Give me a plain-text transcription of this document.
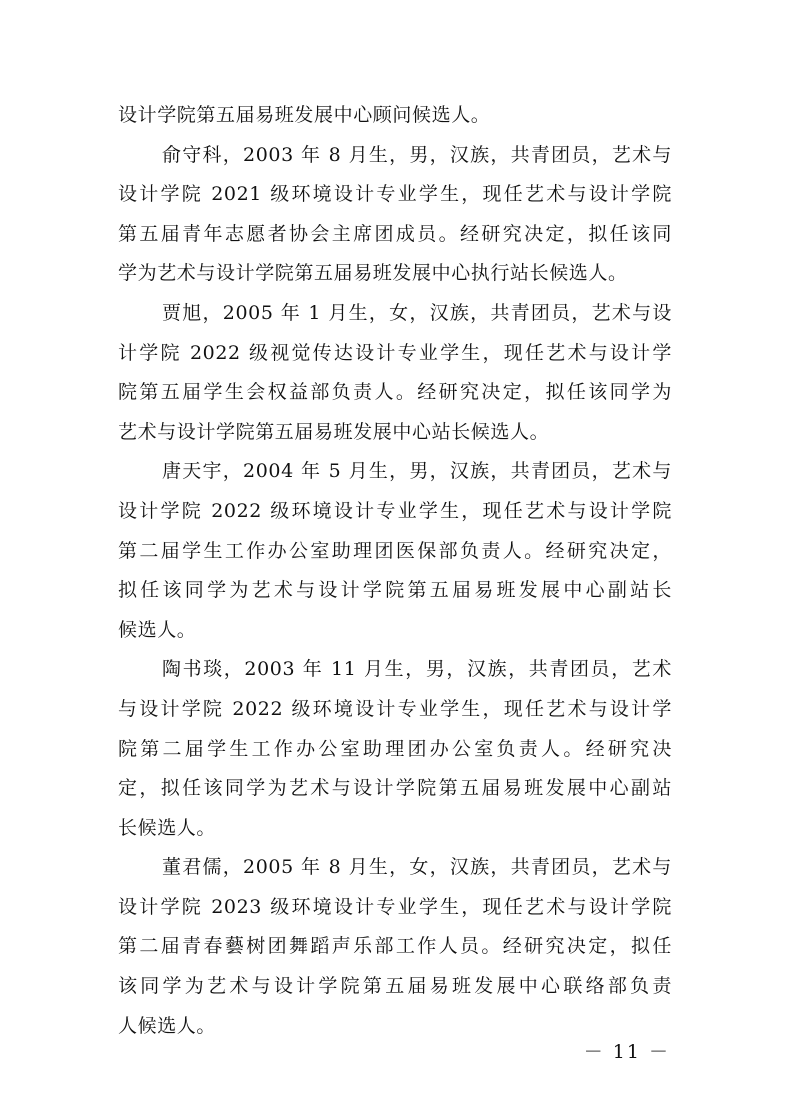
设计学院第五届易班发展中心顾问候选人。
俞守科，2003 年 8 月生，男，汉族，共青团员，艺术与
设计学院 2021 级环境设计专业学生，现任艺术与设计学院
第五届青年志愿者协会主席团成员。经研究决定，拟任该同
学为艺术与设计学院第五届易班发展中心执行站长候选人。
贾旭，2005 年 1 月生，女，汉族，共青团员，艺术与设
计学院 2022 级视觉传达设计专业学生，现任艺术与设计学
院第五届学生会权益部负责人。经研究决定，拟任该同学为
艺术与设计学院第五届易班发展中心站长候选人。
唐天宇，2004 年 5 月生，男，汉族，共青团员，艺术与
设计学院 2022 级环境设计专业学生，现任艺术与设计学院
第二届学生工作办公室助理团医保部负责人。经研究决定，
拟任该同学为艺术与设计学院第五届易班发展中心副站长
候选人。
陶书琰，2003 年 11 月生，男，汉族，共青团员，艺术
与设计学院 2022 级环境设计专业学生，现任艺术与设计学
院第二届学生工作办公室助理团办公室负责人。经研究决
定，拟任该同学为艺术与设计学院第五届易班发展中心副站
长候选人。
董君儒，2005 年 8 月生，女，汉族，共青团员，艺术与
设计学院 2023 级环境设计专业学生，现任艺术与设计学院
第二届青春藝树团舞蹈声乐部工作人员。经研究决定，拟任
该同学为艺术与设计学院第五届易班发展中心联络部负责
人候选人。
－ 11 －
